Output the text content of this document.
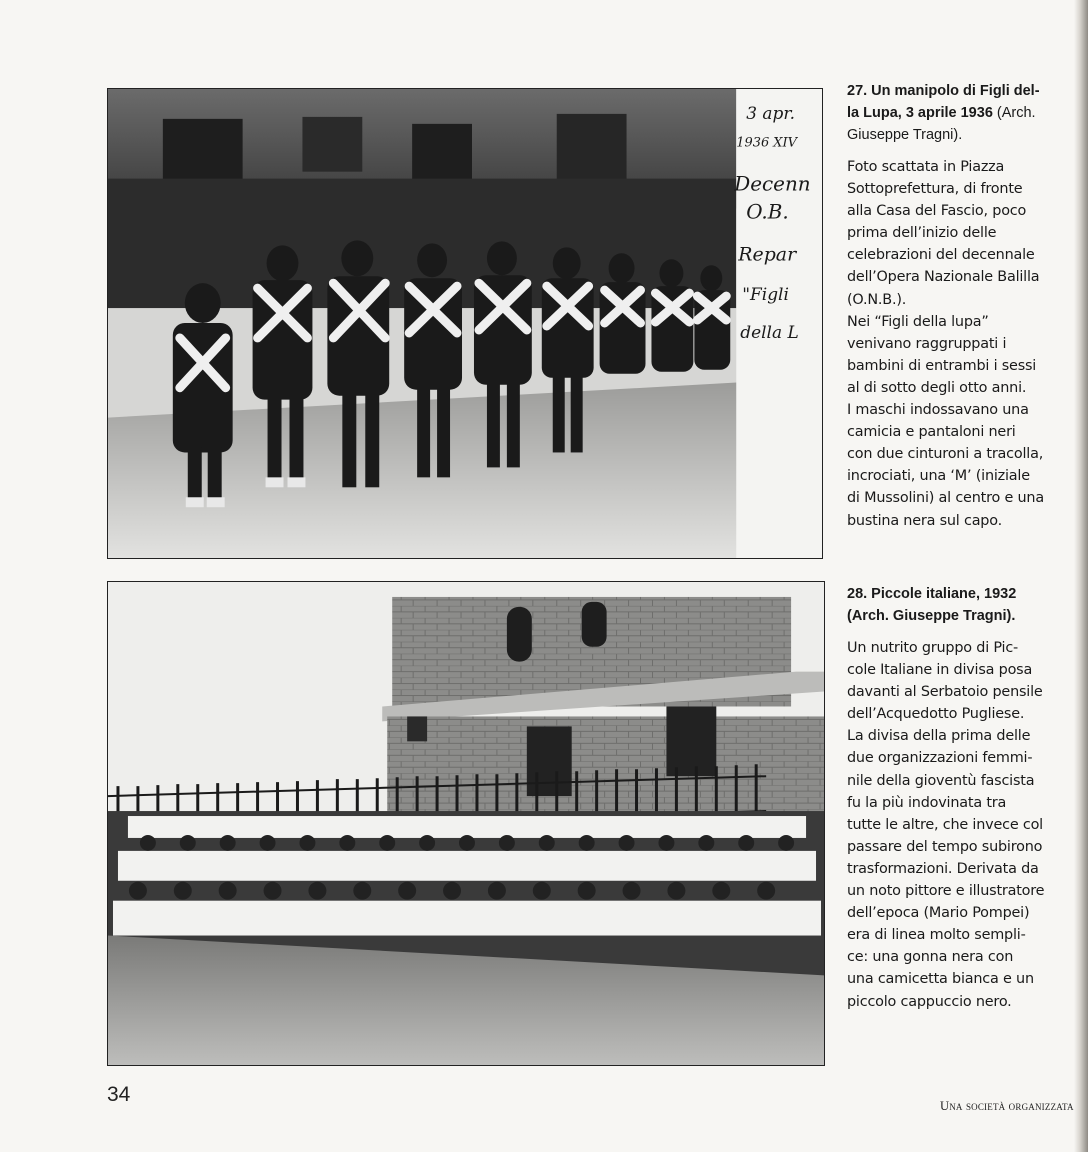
3 apr.
1936 XIV
Decenn
O.B.
Repar
"Figli
della L

27. Un manipolo di Figli del-
la Lupa, 3 aprile 1936 (Arch.
Giuseppe Tragni).

Foto scattata in Piazza
Sottoprefettura, di fronte
alla Casa del Fascio, poco
prima dell’inizio delle
celebrazioni del decennale
dell’Opera Nazionale Balilla
(O.N.B.).
Nei “Figli della lupa”
venivano raggruppati i
bambini di entrambi i sessi
al di sotto degli otto anni.
I maschi indossavano una
camicia e pantaloni neri
con due cinturoni a tracolla,
incrociati, una ‘M’ (iniziale
di Mussolini) al centro e una
bustina nera sul capo.

28. Piccole italiane, 1932
(Arch. Giuseppe Tragni).

Un nutrito gruppo di Pic-
cole Italiane in divisa posa
davanti al Serbatoio pensile
dell’Acquedotto Pugliese.
La divisa della prima delle
due organizzazioni femmi-
nile della gioventù fascista
fu la più indovinata tra
tutte le altre, che invece col
passare del tempo subirono
trasformazioni. Derivata da
un noto pittore e illustratore
dell’epoca (Mario Pompei)
era di linea molto sempli-
ce: una gonna nera con
una camicetta bianca e un
piccolo cappuccio nero.
34	Una società organizzata
